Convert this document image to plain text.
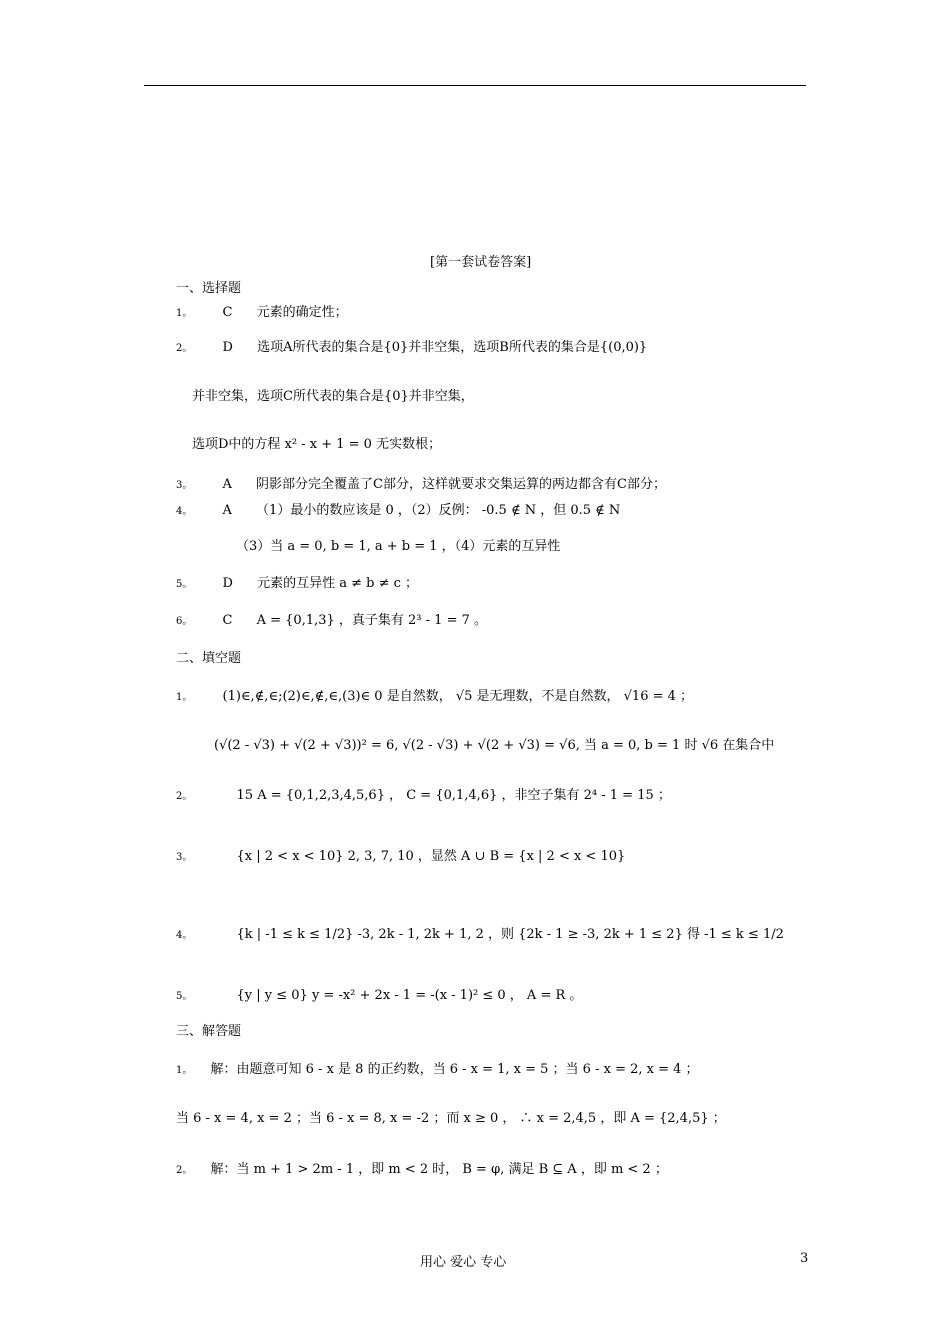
[第一套试卷答案]
一、选择题
1。 C 元素的确定性；
2。 D 选项A所代表的集合是{0}并非空集，选项B所代表的集合是{(0,0)}
并非空集，选项C所代表的集合是{0}并非空集，
选项D中的方程 x² - x + 1 = 0 无实数根；
3。 A 阴影部分完全覆盖了C部分，这样就要求交集运算的两边都含有C部分；
4。 A （1）最小的数应该是 0 ，（2）反例： -0.5 ∉ N ，但 0.5 ∉ N
（3）当 a = 0, b = 1, a + b = 1 ，（4）元素的互异性
5。 D 元素的互异性 a ≠ b ≠ c ；
6。 C A = {0,1,3} ，真子集有 2³ - 1 = 7 。
二、填空题
1。 (1)∈,∉,∈;(2)∈,∉,∈,(3)∈ 0 是自然数， √5 是无理数，不是自然数， √16 = 4 ；
(√(2 - √3) + √(2 + √3))² = 6, √(2 - √3) + √(2 + √3) = √6, 当 a = 0, b = 1 时 √6 在集合中
2。	15 A = {0,1,2,3,4,5,6} ， C = {0,1,4,6} ，非空子集有 2⁴ - 1 = 15 ；
3。	{x | 2 < x < 10} 2, 3, 7, 10 ，显然 A ∪ B = {x | 2 < x < 10}
4。	{k | -1 ≤ k ≤ 1/2} -3, 2k - 1, 2k + 1, 2 ，则 {2k - 1 ≥ -3, 2k + 1 ≤ 2} 得 -1 ≤ k ≤ 1/2
5。	{y | y ≤ 0} y = -x² + 2x - 1 = -(x - 1)² ≤ 0 ， A = R 。
三、解答题
1。 解：由题意可知 6 - x 是 8 的正约数，当 6 - x = 1, x = 5 ；当 6 - x = 2, x = 4 ；
当 6 - x = 4, x = 2 ；当 6 - x = 8, x = -2 ；而 x ≥ 0 ， ∴ x = 2,4,5 ，即 A = {2,4,5} ；
2。 解：当 m + 1 > 2m - 1 ，即 m < 2 时， B = φ, 满足 B ⊆ A ，即 m < 2 ；
用心 爱心 专心	3
